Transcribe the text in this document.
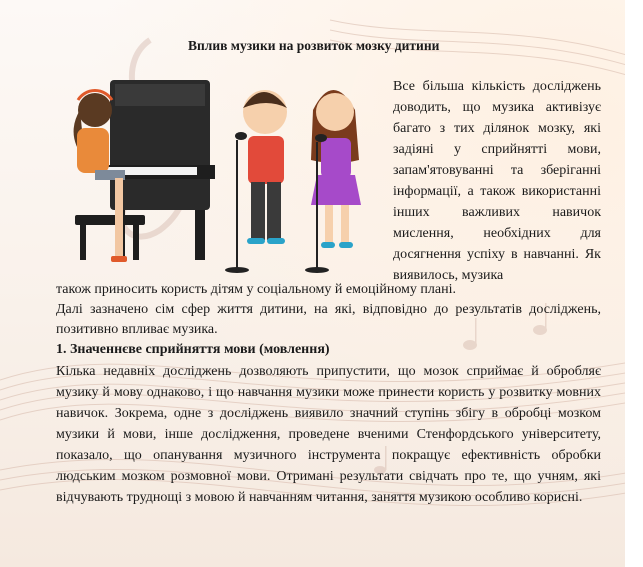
Вплив музики на розвиток мозку дитини
Все більша кількість досліджень доводить, що музика активізує багато з тих ділянок мозку, які задіяні у сприйнятті мови, запам'ятовуванні та зберіганні інформації, а також використанні інших важливих навичок мислення, необхідних для досягнення успіху в навчанні. Як виявилось, музика
також приносить користь дітям у соціальному й емоційному плані.
Далі зазначено сім сфер життя дитини, на які, відповідно до результатів досліджень, позитивно впливає музика.
1. Значеннєве сприйняття мови (мовлення)
Кілька недавніх досліджень дозволяють припустити, що мозок сприймає й обробляє музику й мову однаково, і що навчання музики може принести користь у розвитку мовних навичок. Зокрема, одне з досліджень виявило значний ступінь збігу в обробці мозком музики й мови, інше дослідження, проведене вченими Стенфордського університету, показало, що опанування музичного інструмента покращує ефективність обробки людським мозком розмовної мови. Отримані результати свідчать про те, що учням, які відчувають труднощі з мовою й навчанням читання, заняття музикою особливо корисні.
